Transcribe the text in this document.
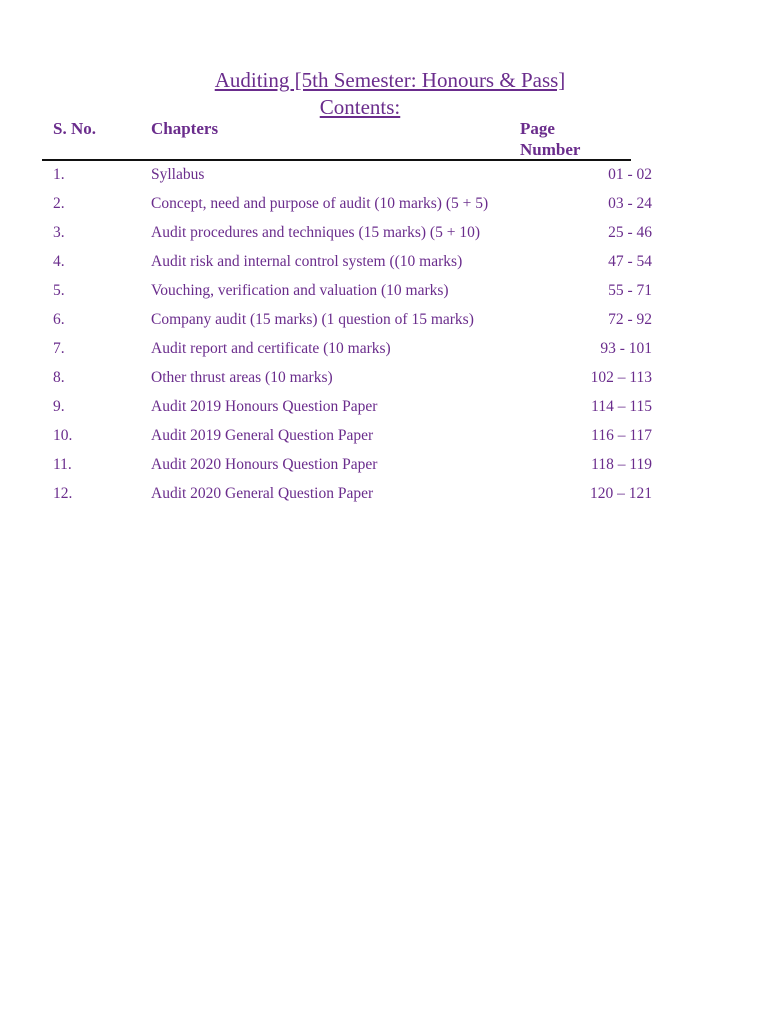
Auditing [5th Semester: Honours & Pass]
Contents:
S. No.	Chapters	Page
Number
1.	Syllabus	01 - 02
2.	Concept, need and purpose of audit (10 marks) (5 + 5)	03 - 24
3.	Audit procedures and techniques (15 marks) (5 + 10)	25 - 46
4.	Audit risk and internal control system ((10 marks)	47 - 54
5.	Vouching, verification and valuation (10 marks)	55 - 71
6.	Company audit (15 marks) (1 question of 15 marks)	72 - 92
7.	Audit report and certificate (10 marks)	93 - 101
8.	Other thrust areas (10 marks)	102 – 113
9.	Audit 2019 Honours Question Paper	114 – 115
10.	Audit 2019 General Question Paper	116 – 117
11.	Audit 2020 Honours Question Paper	118 – 119
12.	Audit 2020 General Question Paper	120 – 121
